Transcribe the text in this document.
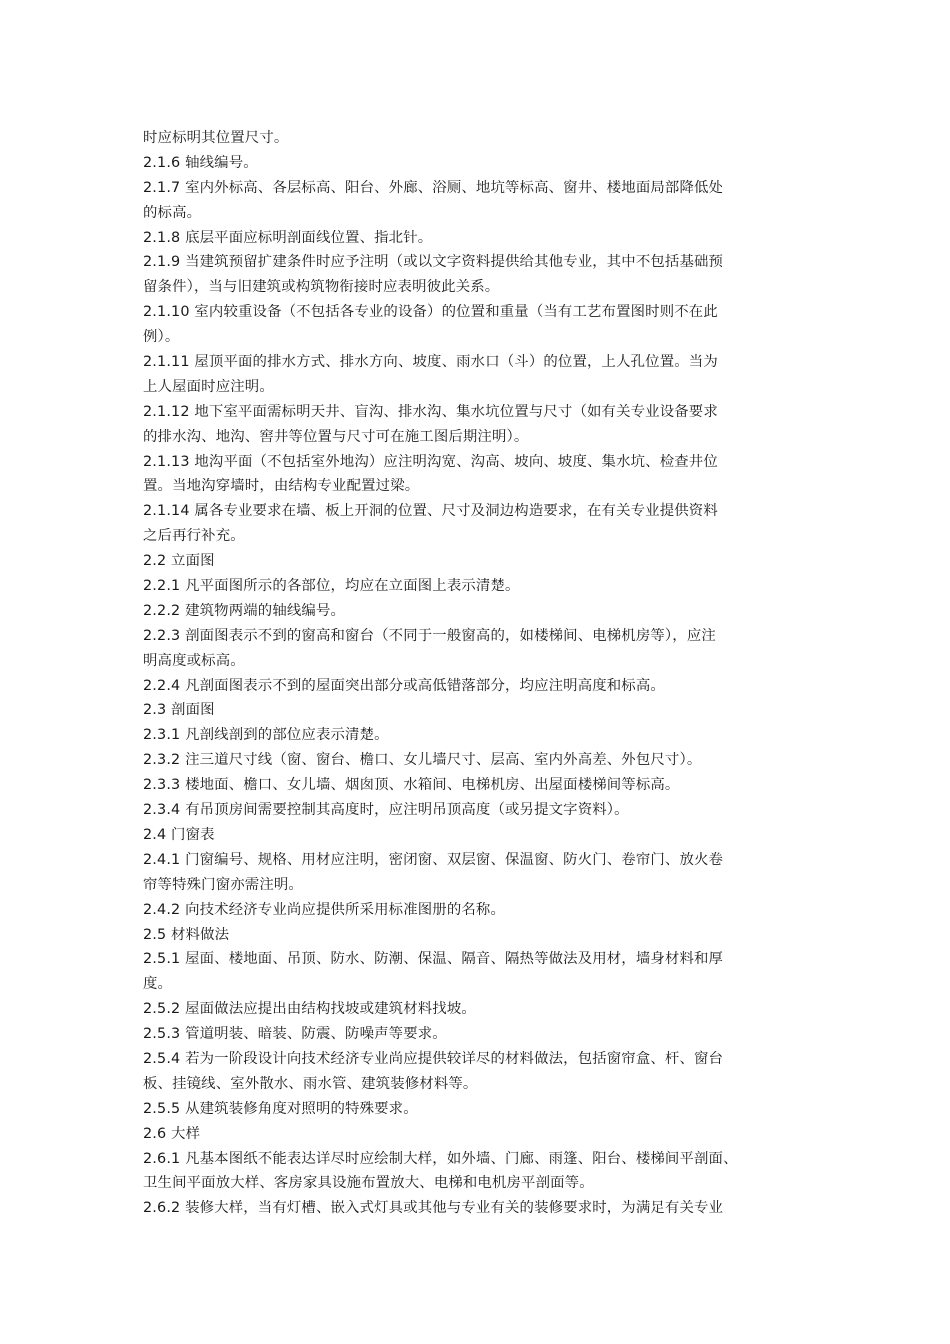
时应标明其位置尺寸。
2.1.6 轴线编号。
2.1.7 室内外标高、各层标高、阳台、外廊、浴厕、地坑等标高、窗井、楼地面局部降低处
的标高。
2.1.8 底层平面应标明剖面线位置、指北针。
2.1.9 当建筑预留扩建条件时应予注明（或以文字资料提供给其他专业，其中不包括基础预
留条件），当与旧建筑或构筑物衔接时应表明彼此关系。
2.1.10 室内较重设备（不包括各专业的设备）的位置和重量（当有工艺布置图时则不在此
例）。
2.1.11 屋顶平面的排水方式、排水方向、坡度、雨水口（斗）的位置，上人孔位置。当为
上人屋面时应注明。
2.1.12 地下室平面需标明天井、盲沟、排水沟、集水坑位置与尺寸（如有关专业设备要求
的排水沟、地沟、窖井等位置与尺寸可在施工图后期注明）。
2.1.13 地沟平面（不包括室外地沟）应注明沟宽、沟高、坡向、坡度、集水坑、检查井位
置。当地沟穿墙时，由结构专业配置过梁。
2.1.14 属各专业要求在墙、板上开洞的位置、尺寸及洞边构造要求，在有关专业提供资料
之后再行补充。
2.2 立面图
2.2.1 凡平面图所示的各部位，均应在立面图上表示清楚。
2.2.2 建筑物两端的轴线编号。
2.2.3 剖面图表示不到的窗高和窗台（不同于一般窗高的，如楼梯间、电梯机房等），应注
明高度或标高。
2.2.4 凡剖面图表示不到的屋面突出部分或高低错落部分，均应注明高度和标高。
2.3 剖面图
2.3.1 凡剖线剖到的部位应表示清楚。
2.3.2 注三道尺寸线（窗、窗台、檐口、女儿墙尺寸、层高、室内外高差、外包尺寸）。
2.3.3 楼地面、檐口、女儿墙、烟囱顶、水箱间、电梯机房、出屋面楼梯间等标高。
2.3.4 有吊顶房间需要控制其高度时，应注明吊顶高度（或另提文字资料）。
2.4 门窗表
2.4.1 门窗编号、规格、用材应注明，密闭窗、双层窗、保温窗、防火门、卷帘门、放火卷
帘等特殊门窗亦需注明。
2.4.2 向技术经济专业尚应提供所采用标准图册的名称。
2.5 材料做法
2.5.1 屋面、楼地面、吊顶、防水、防潮、保温、隔音、隔热等做法及用材，墙身材料和厚
度。
2.5.2 屋面做法应提出由结构找坡或建筑材料找坡。
2.5.3 管道明装、暗装、防震、防噪声等要求。
2.5.4 若为一阶段设计向技术经济专业尚应提供较详尽的材料做法，包括窗帘盒、杆、窗台
板、挂镜线、室外散水、雨水管、建筑装修材料等。
2.5.5 从建筑装修角度对照明的特殊要求。
2.6 大样
2.6.1 凡基本图纸不能表达详尽时应绘制大样，如外墙、门廊、雨篷、阳台、楼梯间平剖面、
卫生间平面放大样、客房家具设施布置放大、电梯和电机房平剖面等。
2.6.2 装修大样，当有灯槽、嵌入式灯具或其他与专业有关的装修要求时，为满足有关专业
